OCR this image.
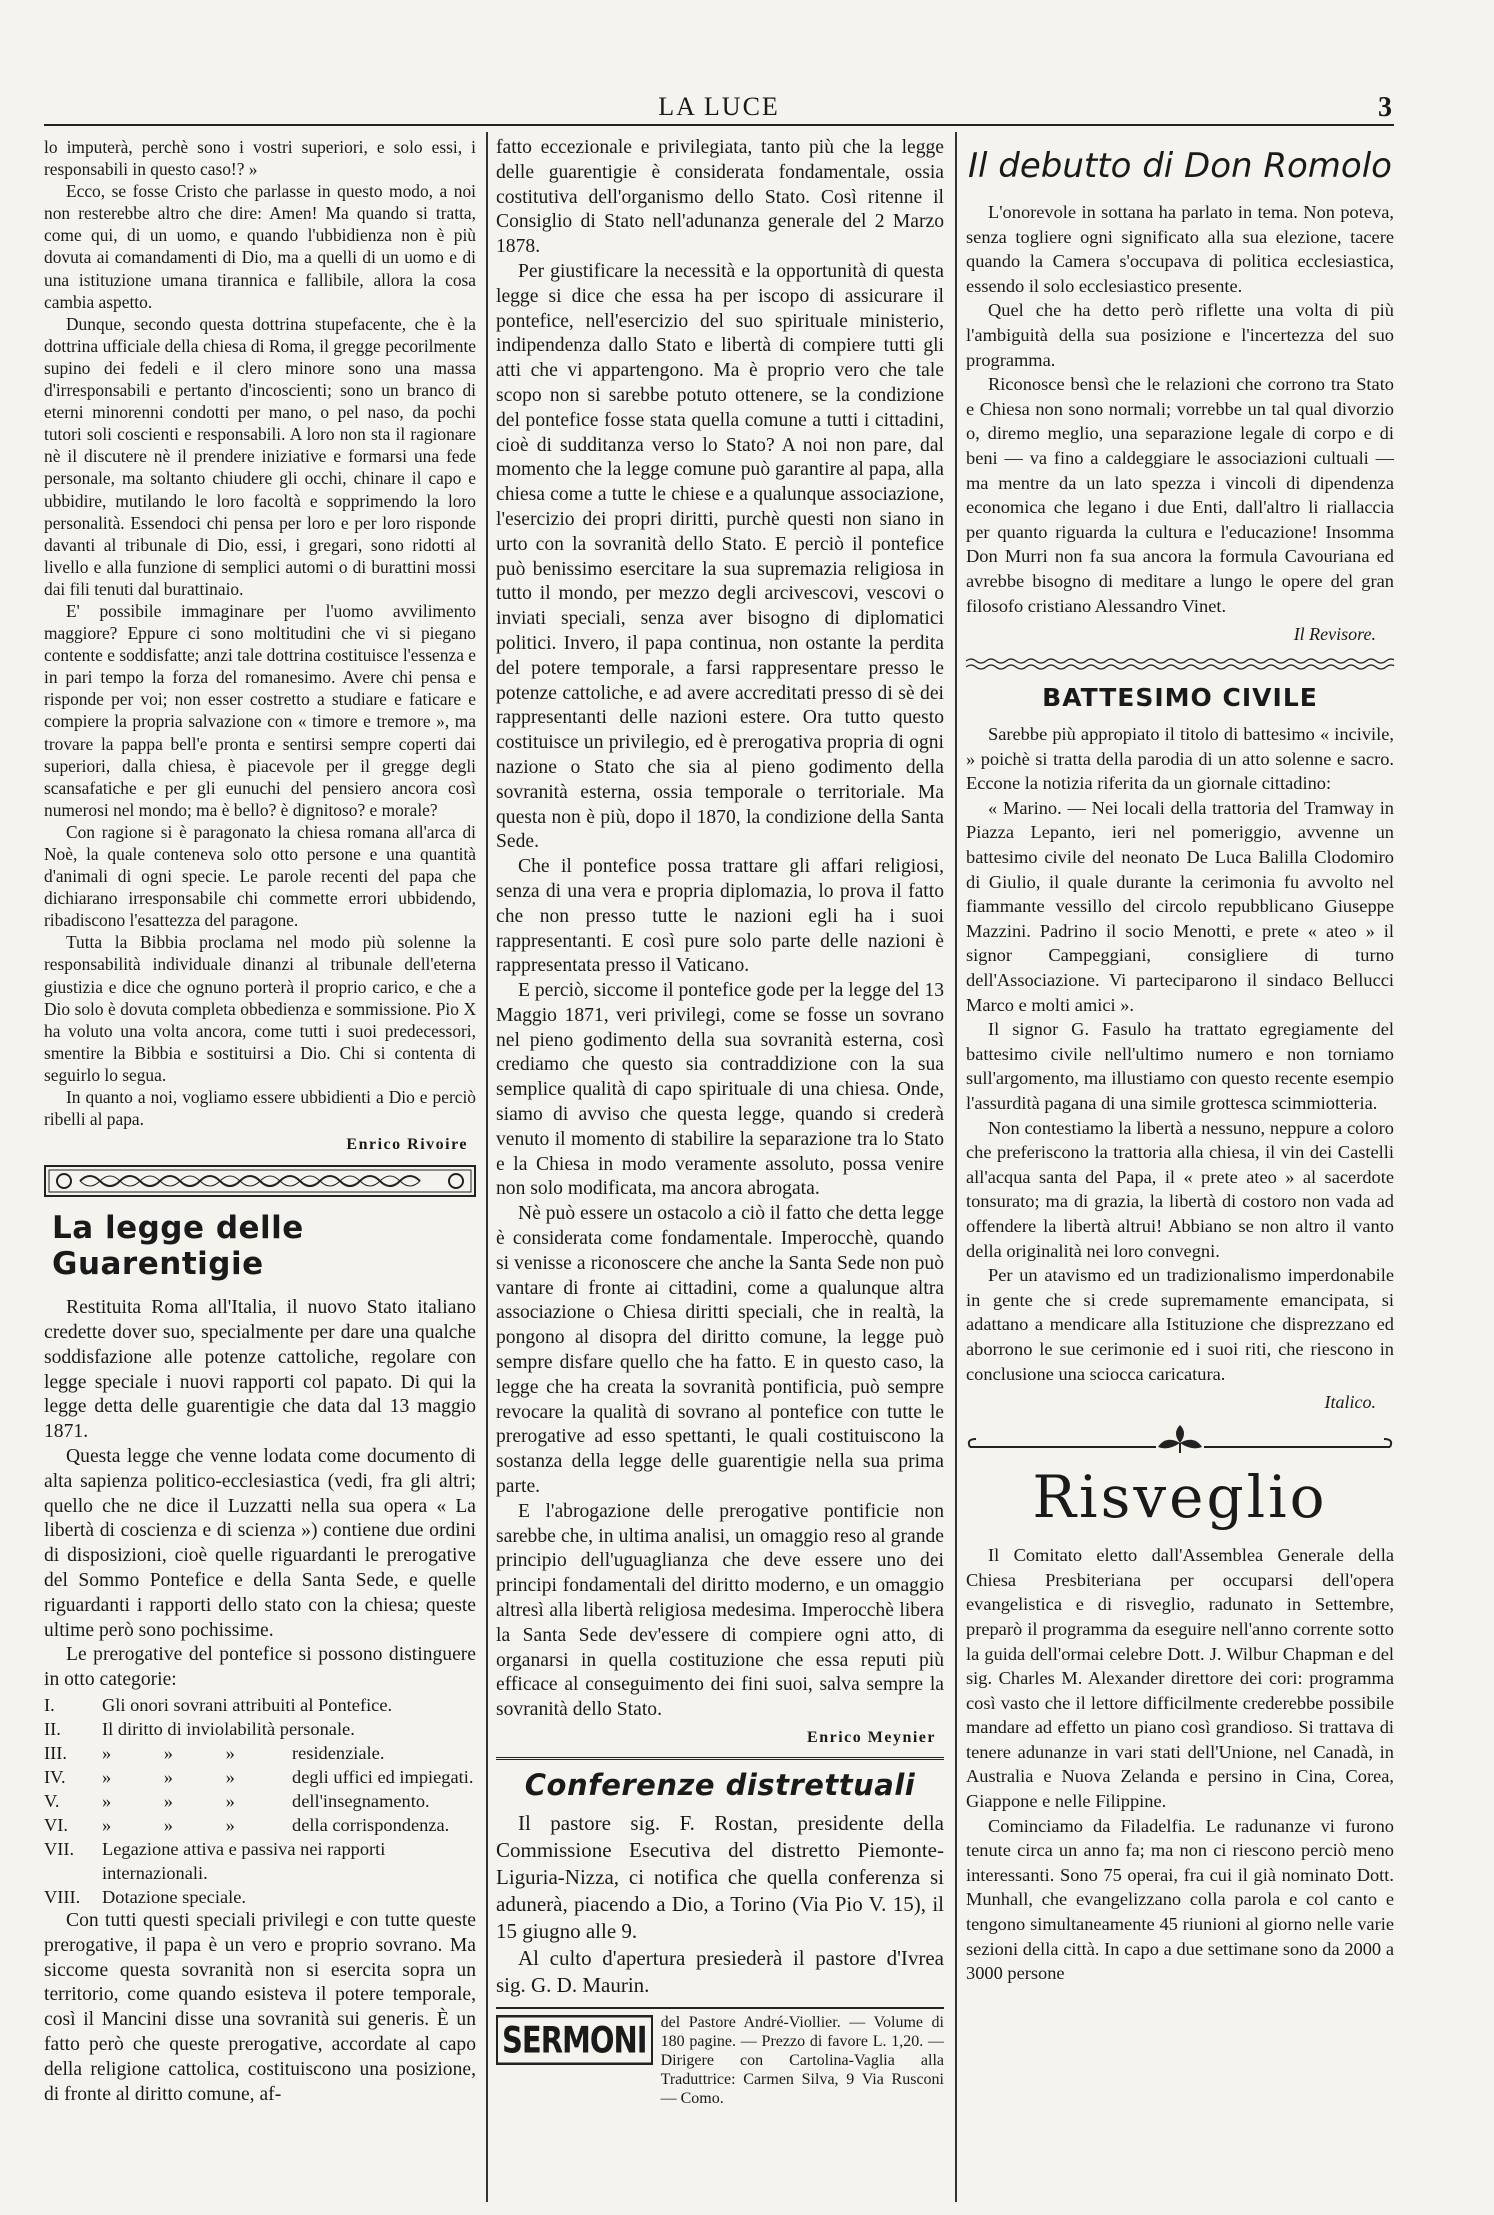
LA LUCE	3

lo imputerà, perchè sono i vostri superiori, e solo essi, i responsabili in questo caso!? »

Ecco, se fosse Cristo che parlasse in questo modo, a noi non resterebbe altro che dire: Amen! Ma quando si tratta, come qui, di un uomo, e quando l'ubbidienza non è più dovuta ai comandamenti di Dio, ma a quelli di un uomo e di una istituzione umana tirannica e fallibile, allora la cosa cambia aspetto.

Dunque, secondo questa dottrina stupefacente, che è la dottrina ufficiale della chiesa di Roma, il gregge pecorilmente supino dei fedeli e il clero minore sono una massa d'irresponsabili e pertanto d'incoscienti; sono un branco di eterni minorenni condotti per mano, o pel naso, da pochi tutori soli coscienti e responsabili. A loro non sta il ragionare nè il discutere nè il prendere iniziative e formarsi una fede personale, ma soltanto chiudere gli occhi, chinare il capo e ubbidire, mutilando le loro facoltà e sopprimendo la loro personalità. Essendoci chi pensa per loro e per loro risponde davanti al tribunale di Dio, essi, i gregari, sono ridotti al livello e alla funzione di semplici automi o di burattini mossi dai fili tenuti dal burattinaio.

E' possibile immaginare per l'uomo avvilimento maggiore? Eppure ci sono moltitudini che vi si piegano contente e soddisfatte; anzi tale dottrina costituisce l'essenza e in pari tempo la forza del romanesimo. Avere chi pensa e risponde per voi; non esser costretto a studiare e faticare e compiere la propria salvazione con « timore e tremore », ma trovare la pappa bell'e pronta e sentirsi sempre coperti dai superiori, dalla chiesa, è piacevole per il gregge degli scansafatiche e per gli eunuchi del pensiero ancora così numerosi nel mondo; ma è bello? è dignitoso? e morale?

Con ragione si è paragonato la chiesa romana all'arca di Noè, la quale conteneva solo otto persone e una quantità d'animali di ogni specie. Le parole recenti del papa che dichiarano irresponsabile chi commette errori ubbidendo, ribadiscono l'esattezza del paragone.

Tutta la Bibbia proclama nel modo più solenne la responsabilità individuale dinanzi al tribunale dell'eterna giustizia e dice che ognuno porterà il proprio carico, e che a Dio solo è dovuta completa obbedienza e sommissione. Pio X ha voluto una volta ancora, come tutti i suoi predecessori, smentire la Bibbia e sostituirsi a Dio. Chi si contenta di seguirlo lo segua.

In quanto a noi, vogliamo essere ubbidienti a Dio e perciò ribelli al papa.

Enrico Rivoire
La legge delle Guarentigie

Restituita Roma all'Italia, il nuovo Stato italiano credette dover suo, specialmente per dare una qualche soddisfazione alle potenze cattoliche, regolare con legge speciale i nuovi rapporti col papato. Di qui la legge detta delle guarentigie che data dal 13 maggio 1871.

Questa legge che venne lodata come documento di alta sapienza politico-ecclesiastica (vedi, fra gli altri; quello che ne dice il Luzzatti nella sua opera « La libertà di coscienza e di scienza ») contiene due ordini di disposizioni, cioè quelle riguardanti le prerogative del Sommo Pontefice e della Santa Sede, e quelle riguardanti i rapporti dello stato con la chiesa; queste ultime però sono pochissime.

Le prerogative del pontefice si possono distinguere in otto categorie:

I.	Gli onori sovrani attribuiti al Pontefice.
II.	Il diritto di inviolabilità personale.
III.	» » »	residenziale.
IV.	» » »	degli uffici ed impiegati.
V.	» » »	dell'insegnamento.
VI.	» » »	della corrispondenza.
VII.	Legazione attiva e passiva nei rapporti internazionali.
VIII.	Dotazione speciale.

Con tutti questi speciali privilegi e con tutte queste prerogative, il papa è un vero e proprio sovrano. Ma siccome questa sovranità non si esercita sopra un territorio, come quando esisteva il potere temporale, così il Mancini disse una sovranità sui generis. È un fatto però che queste prerogative, accordate al capo della religione cattolica, costituiscono una posizione, di fronte al diritto comune, af-

fatto eccezionale e privilegiata, tanto più che la legge delle guarentigie è considerata fondamentale, ossia costitutiva dell'organismo dello Stato. Così ritenne il Consiglio di Stato nell'adunanza generale del 2 Marzo 1878.

Per giustificare la necessità e la opportunità di questa legge si dice che essa ha per iscopo di assicurare il pontefice, nell'esercizio del suo spirituale ministerio, indipendenza dallo Stato e libertà di compiere tutti gli atti che vi appartengono. Ma è proprio vero che tale scopo non si sarebbe potuto ottenere, se la condizione del pontefice fosse stata quella comune a tutti i cittadini, cioè di sudditanza verso lo Stato? A noi non pare, dal momento che la legge comune può garantire al papa, alla chiesa come a tutte le chiese e a qualunque associazione, l'esercizio dei propri diritti, purchè questi non siano in urto con la sovranità dello Stato. E perciò il pontefice può benissimo esercitare la sua supremazia religiosa in tutto il mondo, per mezzo degli arcivescovi, vescovi o inviati speciali, senza aver bisogno di diplomatici politici. Invero, il papa continua, non ostante la perdita del potere temporale, a farsi rappresentare presso le potenze cattoliche, e ad avere accreditati presso di sè dei rappresentanti delle nazioni estere. Ora tutto questo costituisce un privilegio, ed è prerogativa propria di ogni nazione o Stato che sia al pieno godimento della sovranità esterna, ossia temporale o territoriale. Ma questa non è più, dopo il 1870, la condizione della Santa Sede.

Che il pontefice possa trattare gli affari religiosi, senza di una vera e propria diplomazia, lo prova il fatto che non presso tutte le nazioni egli ha i suoi rappresentanti. E così pure solo parte delle nazioni è rappresentata presso il Vaticano.

E perciò, siccome il pontefice gode per la legge del 13 Maggio 1871, veri privilegi, come se fosse un sovrano nel pieno godimento della sua sovranità esterna, così crediamo che questo sia contraddizione con la sua semplice qualità di capo spirituale di una chiesa. Onde, siamo di avviso che questa legge, quando si crederà venuto il momento di stabilire la separazione tra lo Stato e la Chiesa in modo veramente assoluto, possa venire non solo modificata, ma ancora abrogata.

Nè può essere un ostacolo a ciò il fatto che detta legge è considerata come fondamentale. Imperocchè, quando si venisse a riconoscere che anche la Santa Sede non può vantare di fronte ai cittadini, come a qualunque altra associazione o Chiesa diritti speciali, che in realtà, la pongono al disopra del diritto comune, la legge può sempre disfare quello che ha fatto. E in questo caso, la legge che ha creata la sovranità pontificia, può sempre revocare la qualità di sovrano al pontefice con tutte le prerogative ad esso spettanti, le quali costituiscono la sostanza della legge delle guarentigie nella sua prima parte.

E l'abrogazione delle prerogative pontificie non sarebbe che, in ultima analisi, un omaggio reso al grande principio dell'uguaglianza che deve essere uno dei principi fondamentali del diritto moderno, e un omaggio altresì alla libertà religiosa medesima. Imperocchè libera la Santa Sede dev'essere di compiere ogni atto, di organarsi in quella costituzione che essa reputi più efficace al conseguimento dei fini suoi, salva sempre la sovranità dello Stato.

Enrico Meynier
Conferenze distrettuali

Il pastore sig. F. Rostan, presidente della Commissione Esecutiva del distretto Piemonte-Liguria-Nizza, ci notifica che quella conferenza si adunerà, piacendo a Dio, a Torino (Via Pio V. 15), il 15 giugno alle 9.

Al culto d'apertura presiederà il pastore d'Ivrea sig. G. D. Maurin.

SERMONI del Pastore André-Viollier. — Volume di 180 pagine. — Prezzo di favore L. 1,20. — Dirigere con Cartolina-Vaglia alla Traduttrice: Carmen Silva, 9 Via Rusconi — Como.
Il debutto di Don Romolo

L'onorevole in sottana ha parlato in tema. Non poteva, senza togliere ogni significato alla sua elezione, tacere quando la Camera s'occupava di politica ecclesiastica, essendo il solo ecclesiastico presente.

Quel che ha detto però riflette una volta di più l'ambiguità della sua posizione e l'incertezza del suo programma.

Riconosce bensì che le relazioni che corrono tra Stato e Chiesa non sono normali; vorrebbe un tal qual divorzio o, diremo meglio, una separazione legale di corpo e di beni — va fino a caldeggiare le associazioni cultuali — ma mentre da un lato spezza i vincoli di dipendenza economica che legano i due Enti, dall'altro li riallaccia per quanto riguarda la cultura e l'educazione! Insomma Don Murri non fa sua ancora la formula Cavouriana ed avrebbe bisogno di meditare a lungo le opere del gran filosofo cristiano Alessandro Vinet.

Il Revisore.
BATTESIMO CIVILE

Sarebbe più appropiato il titolo di battesimo « incivile, » poichè si tratta della parodia di un atto solenne e sacro. Eccone la notizia riferita da un giornale cittadino:

« Marino. — Nei locali della trattoria del Tramway in Piazza Lepanto, ieri nel pomeriggio, avvenne un battesimo civile del neonato De Luca Balilla Clodomiro di Giulio, il quale durante la cerimonia fu avvolto nel fiammante vessillo del circolo repubblicano Giuseppe Mazzini. Padrino il socio Menotti, e prete « ateo » il signor Campeggiani, consigliere di turno dell'Associazione. Vi parteciparono il sindaco Bellucci Marco e molti amici ».

Il signor G. Fasulo ha trattato egregiamente del battesimo civile nell'ultimo numero e non torniamo sull'argomento, ma illustiamo con questo recente esempio l'assurdità pagana di una simile grottesca scimmiotteria.

Non contestiamo la libertà a nessuno, neppure a coloro che preferiscono la trattoria alla chiesa, il vin dei Castelli all'acqua santa del Papa, il « prete ateo » al sacerdote tonsurato; ma di grazia, la libertà di costoro non vada ad offendere la libertà altrui! Abbiano se non altro il vanto della originalità nei loro convegni.

Per un atavismo ed un tradizionalismo imperdonabile in gente che si crede supremamente emancipata, si adattano a mendicare alla Istituzione che disprezzano ed aborrono le sue cerimonie ed i suoi riti, che riescono in conclusione una sciocca caricatura.

Italico.
Risveglio

Il Comitato eletto dall'Assemblea Generale della Chiesa Presbiteriana per occuparsi dell'opera evangelistica e di risveglio, radunato in Settembre, preparò il programma da eseguire nell'anno corrente sotto la guida dell'ormai celebre Dott. J. Wilbur Chapman e del sig. Charles M. Alexander direttore dei cori: programma così vasto che il lettore difficilmente crederebbe possibile mandare ad effetto un piano così grandioso. Si trattava di tenere adunanze in vari stati dell'Unione, nel Canadà, in Australia e Nuova Zelanda e persino in Cina, Corea, Giappone e nelle Filippine.

Cominciamo da Filadelfia. Le radunanze vi furono tenute circa un anno fa; ma non ci riescono perciò meno interessanti. Sono 75 operai, fra cui il già nominato Dott. Munhall, che evangelizzano colla parola e col canto e tengono simultaneamente 45 riunioni al giorno nelle varie sezioni della città. In capo a due settimane sono da 2000 a 3000 persone
